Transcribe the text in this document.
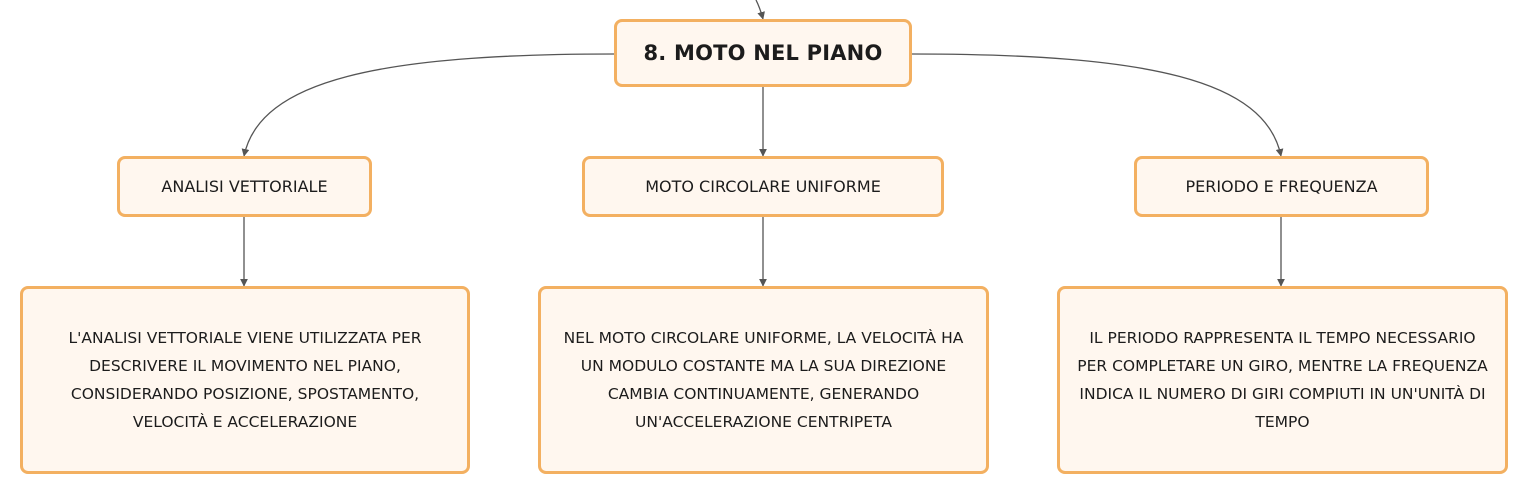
8. MOTO NEL PIANO
ANALISI VETTORIALE	MOTO CIRCOLARE UNIFORME	PERIODO E FREQUENZA
L'ANALISI VETTORIALE VIENE UTILIZZATA PER DESCRIVERE IL MOVIMENTO NEL PIANO, CONSIDERANDO POSIZIONE, SPOSTAMENTO, VELOCITÀ E ACCELERAZIONE
NEL MOTO CIRCOLARE UNIFORME, LA VELOCITÀ HA UN MODULO COSTANTE MA LA SUA DIREZIONE CAMBIA CONTINUAMENTE, GENERANDO UN'ACCELERAZIONE CENTRIPETA
IL PERIODO RAPPRESENTA IL TEMPO NECESSARIO PER COMPLETARE UN GIRO, MENTRE LA FREQUENZA INDICA IL NUMERO DI GIRI COMPIUTI IN UN'UNITÀ DI TEMPO
